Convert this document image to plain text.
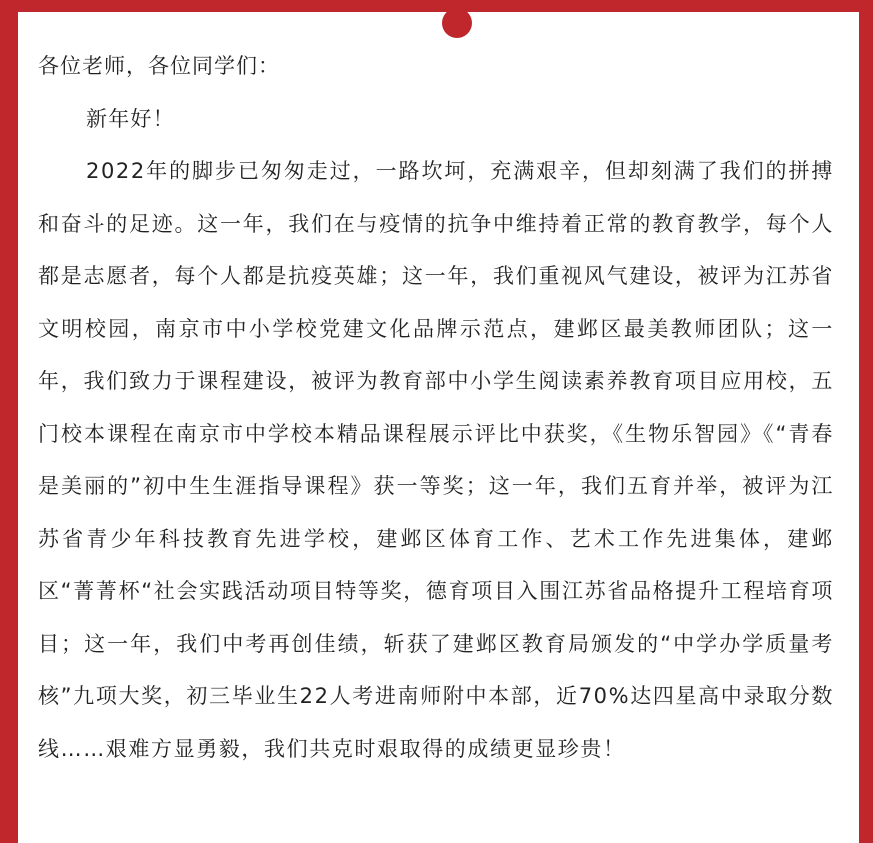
各位老师，各位同学们：

新年好！

2022年的脚步已匆匆走过，一路坎坷，充满艰辛，但却刻满了我们的拼搏和奋斗的足迹。这一年，我们在与疫情的抗争中维持着正常的教育教学，每个人都是志愿者，每个人都是抗疫英雄；这一年，我们重视风气建设，被评为江苏省文明校园，南京市中小学校党建文化品牌示范点，建邺区最美教师团队；这一年，我们致力于课程建设，被评为教育部中小学生阅读素养教育项目应用校，五门校本课程在南京市中学校本精品课程展示评比中获奖，《生物乐智园》《“青春是美丽的”初中生生涯指导课程》获一等奖；这一年，我们五育并举，被评为江苏省青少年科技教育先进学校，建邺区体育工作、艺术工作先进集体，建邺区“菁菁杯“社会实践活动项目特等奖，德育项目入围江苏省品格提升工程培育项目；这一年，我们中考再创佳绩，斩获了建邺区教育局颁发的“中学办学质量考核”九项大奖，初三毕业生22人考进南师附中本部，近70%达四星高中录取分数线……艰难方显勇毅，我们共克时艰取得的成绩更显珍贵！
